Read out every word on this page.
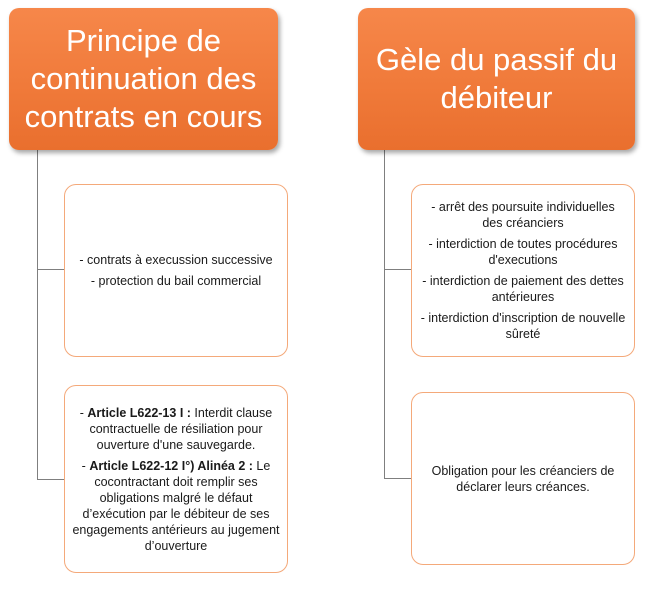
Principe de
continuation des
contrats en cours
Gèle du passif du
débiteur

- contrats à execussion successive

- protection du bail commercial

- Article L622-13 I : Interdit clause contractuelle de résiliation pour ouverture d'une sauvegarde.

- Article L622-12 I°) Alinéa 2 : Le cocontractant doit remplir ses obligations malgré le défaut d’exécution par le débiteur de ses engagements antérieurs au jugement d’ouverture

- arrêt des poursuite individuelles des créanciers

- interdiction de toutes procédures d'executions

- interdiction de paiement des dettes antérieures

- interdiction d'inscription de nouvelle sûreté

Obligation pour les créanciers de déclarer leurs créances.
